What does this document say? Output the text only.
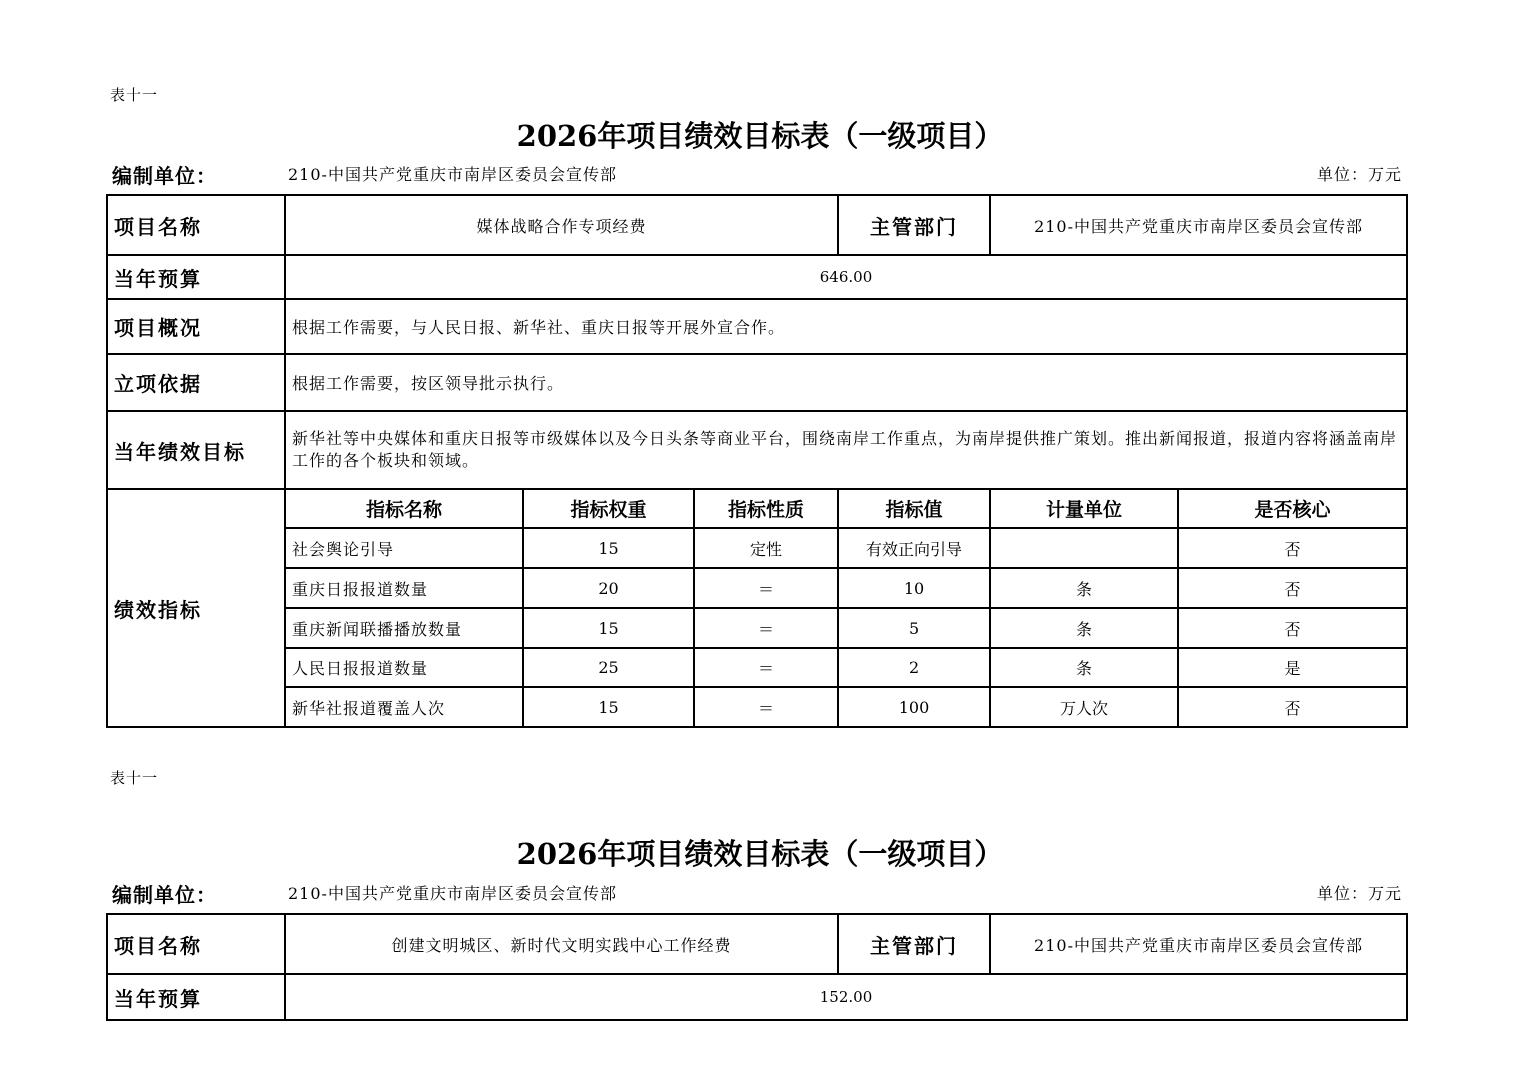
表十一
2026年项目绩效目标表（一级项目）
编制单位：	210-中国共产党重庆市南岸区委员会宣传部	单位：万元
项目名称	媒体战略合作专项经费			主管部门	210-中国共产党重庆市南岸区委员会宣传部	
当年预算	646.00					
项目概况	根据工作需要，与人民日报、新华社、重庆日报等开展外宣合作。					
立项依据	根据工作需要，按区领导批示执行。					
当年绩效目标	新华社等中央媒体和重庆日报等市级媒体以及今日头条等商业平台，围绕南岸工作重点，为南岸提供推广策划。推出新闻报道，报道内容将涵盖南岸工作的各个板块和领域。					
绩效指标	指标名称	指标权重	指标性质	指标值	计量单位	是否核心
	社会舆论引导	15	定性	有效正向引导		否
	重庆日报报道数量	20	＝	10	条	否
	重庆新闻联播播放数量	15	＝	5	条	否
	人民日报报道数量	25	＝	2	条	是
	新华社报道覆盖人次	15	＝	100	万人次	否
表十一
2026年项目绩效目标表（一级项目）
编制单位：	210-中国共产党重庆市南岸区委员会宣传部	单位：万元
项目名称	创建文明城区、新时代文明实践中心工作经费	主管部门	210-中国共产党重庆市南岸区委员会宣传部
当年预算	152.00		
